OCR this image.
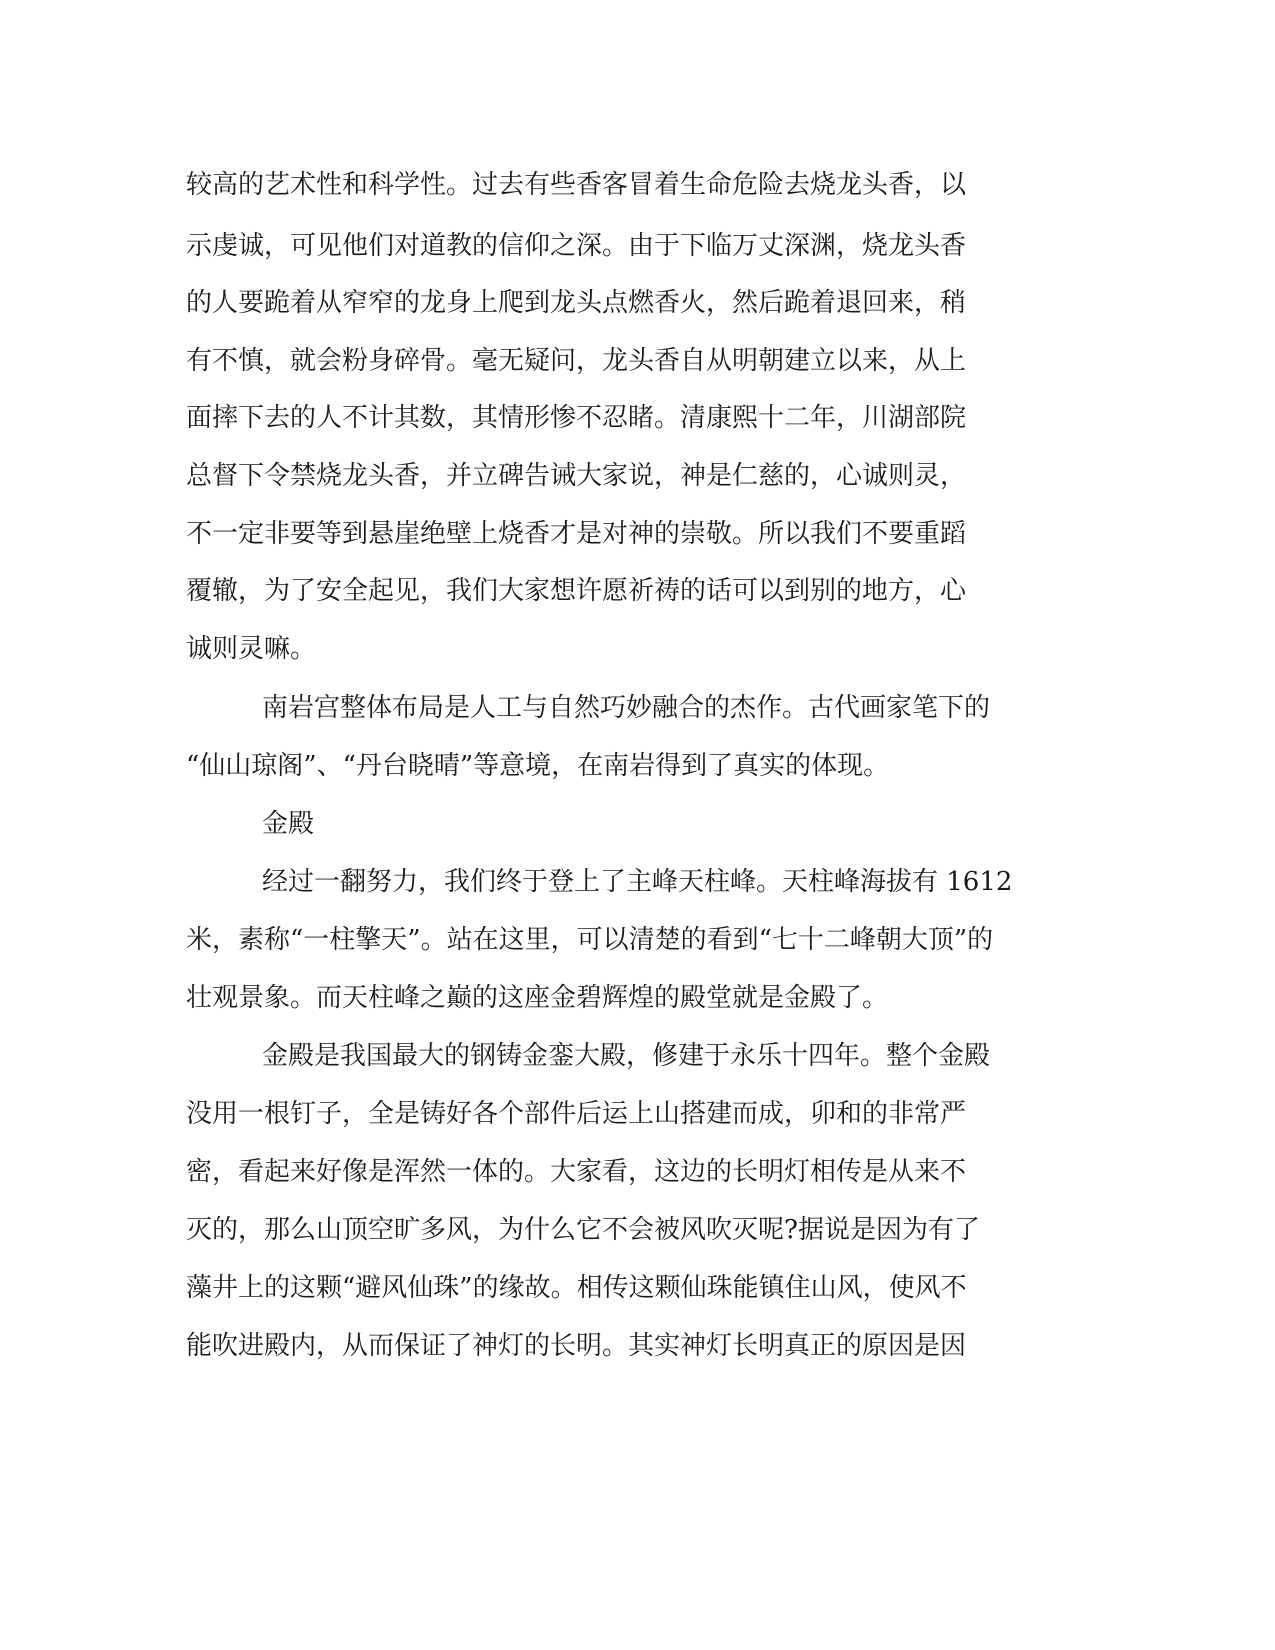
较高的艺术性和科学性。过去有些香客冒着生命危险去烧龙头香，以
示虔诚，可见他们对道教的信仰之深。由于下临万丈深渊，烧龙头香
的人要跪着从窄窄的龙身上爬到龙头点燃香火，然后跪着退回来，稍
有不慎，就会粉身碎骨。毫无疑问，龙头香自从明朝建立以来，从上
面摔下去的人不计其数，其情形惨不忍睹。清康熙十二年，川湖部院
总督下令禁烧龙头香，并立碑告诫大家说，神是仁慈的，心诚则灵，
不一定非要等到悬崖绝壁上烧香才是对神的崇敬。所以我们不要重蹈
覆辙，为了安全起见，我们大家想许愿祈祷的话可以到别的地方，心
诚则灵嘛。
南岩宫整体布局是人工与自然巧妙融合的杰作。古代画家笔下的
“仙山琼阁”、“丹台晓晴”等意境，在南岩得到了真实的体现。
金殿
经过一翻努力，我们终于登上了主峰天柱峰。天柱峰海拔有 1612
米，素称“一柱擎天”。站在这里，可以清楚的看到“七十二峰朝大顶”的
壮观景象。而天柱峰之巅的这座金碧辉煌的殿堂就是金殿了。
金殿是我国最大的钢铸金銮大殿，修建于永乐十四年。整个金殿
没用一根钉子，全是铸好各个部件后运上山搭建而成，卯和的非常严
密，看起来好像是浑然一体的。大家看，这边的长明灯相传是从来不
灭的，那么山顶空旷多风，为什么它不会被风吹灭呢?据说是因为有了
藻井上的这颗“避风仙珠”的缘故。相传这颗仙珠能镇住山风，使风不
能吹进殿内，从而保证了神灯的长明。其实神灯长明真正的原因是因
